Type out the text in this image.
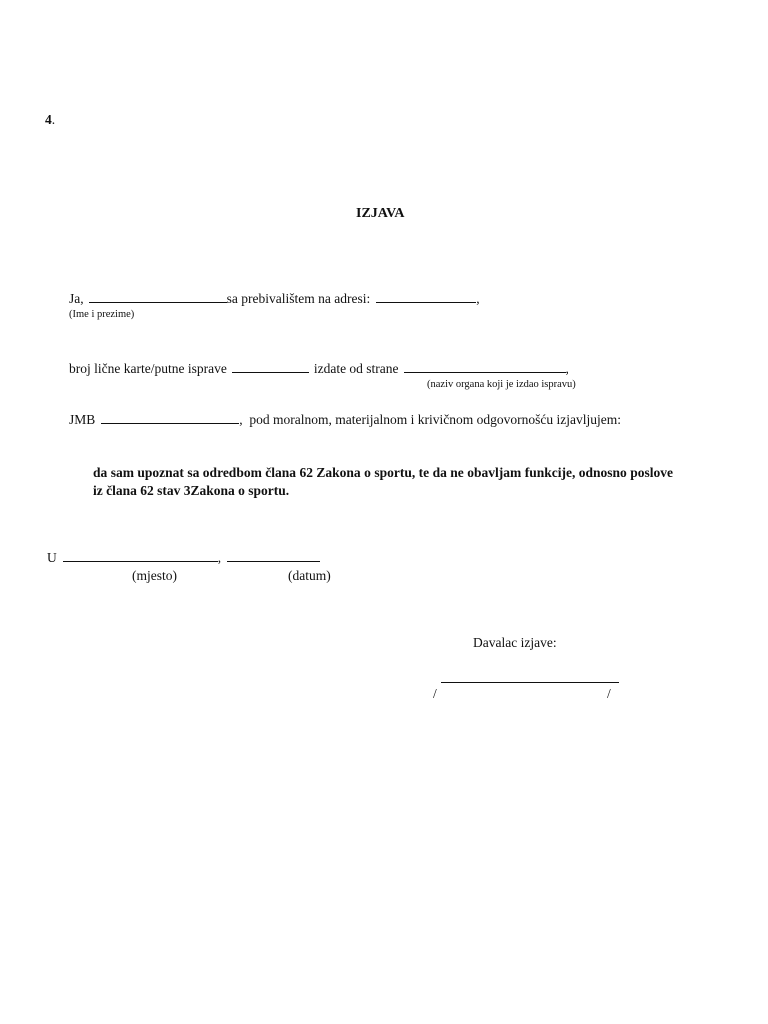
4.
IZJAVA
Ja,	sa prebivalištem na adresi:	,
(Ime i prezime)
broj lične karte/putne isprave	izdate od strane	,
(naziv organa koji je izdao ispravu)
JMB	,  pod moralnom, materijalnom i krivičnom odgovornošću izjavljujem:
da sam upoznat sa odredbom člana 62 Zakona o sportu, te da ne obavljam funkcije, odnosno poslove iz člana 62 stav 3Zakona o sportu.
U	,
(mjesto)	(datum)
Davalac izjave:
/	/
